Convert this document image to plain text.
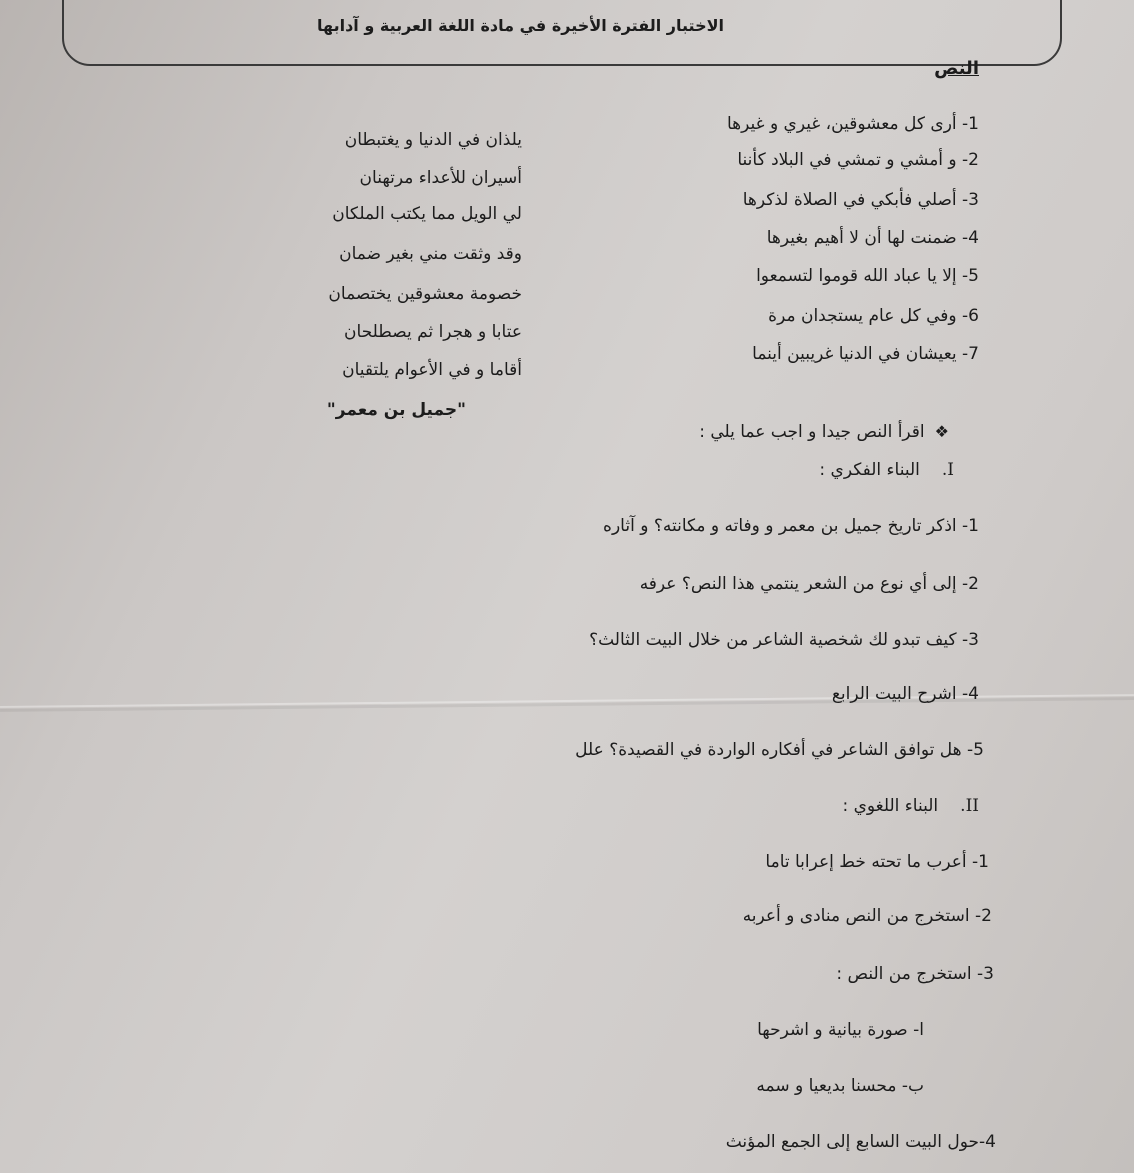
الاختبار الفترة الأخيرة في مادة اللغة العربية و آدابها
النص
1- أرى كل معشوقين، غيري و غيرها
يلذان في الدنيا و يغتبطان
2- و أمشي و تمشي في البلاد كأننا
أسيران للأعداء مرتهنان
3- أصلي فأبكي في الصلاة لذكرها
لي الويل مما يكتب الملكان
4- ضمنت لها أن لا أهيم بغيرها
وقد وثقت مني بغير ضمان
5- إلا يا عباد الله قوموا لتسمعوا
خصومة معشوقين يختصمان
6- وفي كل عام يستجدان مرة
عتابا و هجرا ثم يصطلحان
7- يعيشان في الدنيا غريبين أينما
أقاما و في الأعوام يلتقيان
"جميل بن معمر"
❖اقرأ النص جيدا و اجب عما يلي :
I.البناء الفكري :
1- اذكر تاريخ جميل بن معمر و وفاته و مكانته؟ و آثاره
2- إلى أي نوع من الشعر ينتمي هذا النص؟ عرفه
3- كيف تبدو لك شخصية الشاعر من خلال البيت الثالث؟
4- اشرح البيت الرابع
5- هل توافق الشاعر في أفكاره الواردة في القصيدة؟ علل
II.البناء اللغوي :
1- أعرب ما تحته خط إعرابا تاما
2- استخرج من النص منادى و أعربه
3- استخرج من النص :
ا- صورة بيانية و اشرحها
ب- محسنا بديعيا و سمه
4-حول البيت السابع إلى الجمع المؤنث
